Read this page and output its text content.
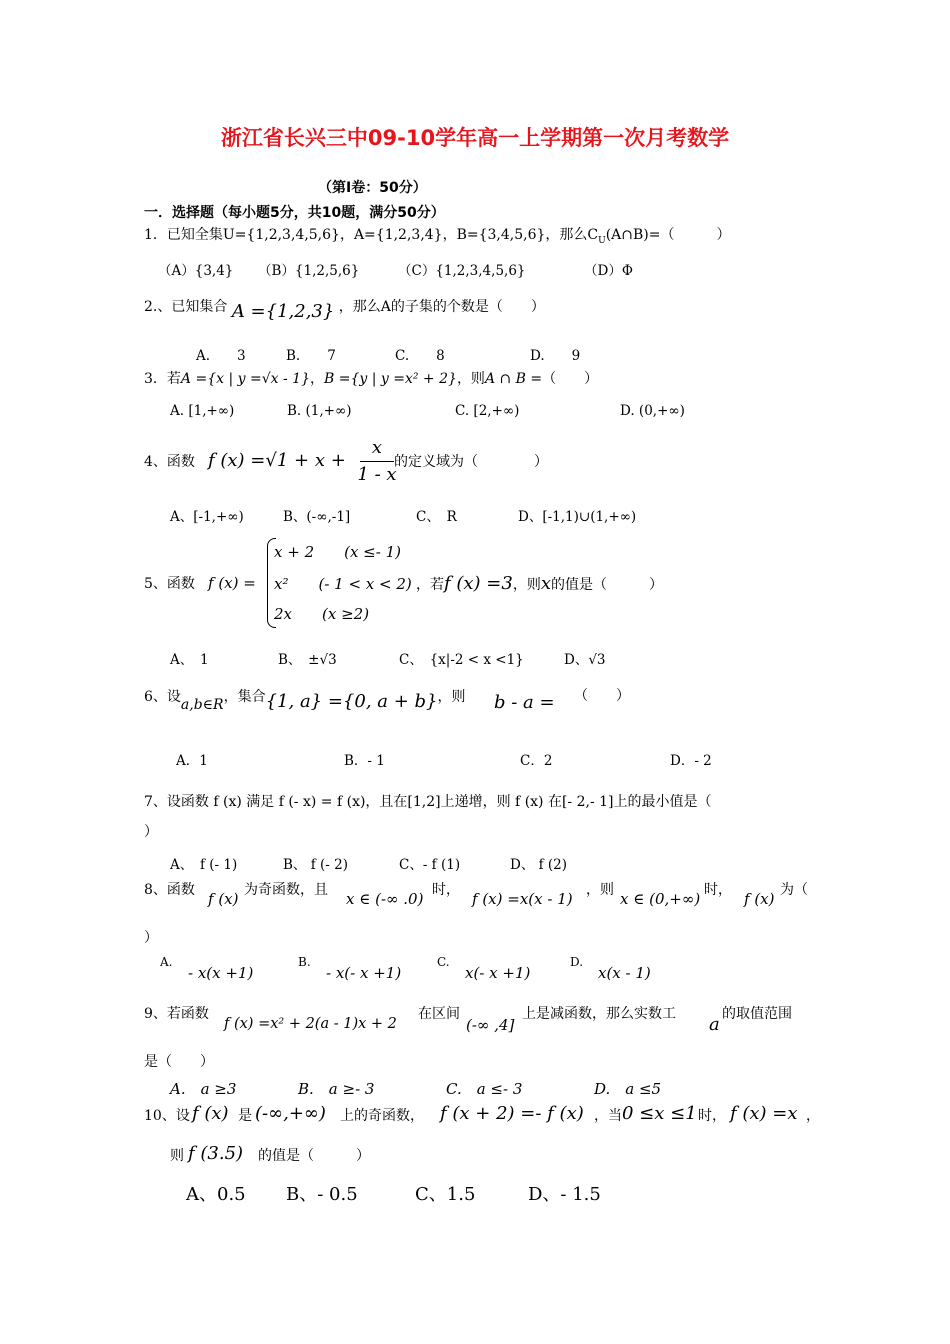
浙江省长兴三中09-10学年高一上学期第一次月考数学
（第Ⅰ卷：50分）
一．选择题（每小题5分，共10题，满分50分）
1．已知全集U={1,2,3,4,5,6}，A={1,2,3,4}，B={3,4,5,6}，那么$C_U(A\cap B)=$（　　　）
（A）{3,4} （B）{1,2,5,6}	（C）{1,2,3,4,5,6}	（D）Φ
2.、已知集合 A ={1,2,3} ，那么A的子集的个数是（　　）
A.　　3	B.　　7	C.　　8	D.　　9
3．若A ={x | y =√x - 1}，B ={y | y =x² + 2}，则A ∩ B =（　　）
A. [1,+∞)	B. (1,+∞)	C. [2,+∞)	D. (0,+∞)
4、函数 f (x) =√1 + x +
x
1 - x
的定义域为（　　　　）
A、[-1,+∞)	B、(-∞,-1]	C、　R	D、[-1,1)∪(1,+∞)
5、函数 f (x) =
x + 2　　(x ≤- 1)
x²　　(- 1 < x < 2)
2x　　(x ≥2)
，若f (x) =3，则x的值是（　　　）
A、　1	B、　±√3	C、　{x|-2 < x <1}	D、√3
6、设a,b∈R，集合{1, a} ={0, a + b}，则 b - a = （　　）
A．1	B．- 1	C．2	D．- 2
7、设函数 f (x) 满足 f (- x) = f (x)，且在[1,2]上递增，则 f (x) 在[- 2,- 1]上的最小值是（
）
A、　f (- 1)	B、 f (- 2)	C、- f (1)	D、 f (2)
8、函数 f (x) 为奇函数，且 x ∈ (-∞ .0) 时， f (x) =x(x - 1) ，则 x ∈ (0,+∞) 时， f (x) 为（
）
A.
- x(x +1)
B.
- x(- x +1)
C.
x(- x +1)
D.
x(x - 1)
9、若函数
f (x) =x² + 2(a - 1)x + 2
在区间
(-∞ ,4]
上是减函数，那么实数工 a 的取值范围
是（　　）
A.　a ≥3	B.　a ≥- 3	C.　a ≤- 3	D.　a ≤5
10、设 f (x) 是 (-∞,+∞) 上的奇函数， f (x + 2) =- f (x) ，当 0 ≤x ≤1 时， f (x) =x ，
则 f (3.5) 的值是（　　　）
A、0.5 B、- 0.5	C、1.5	D、- 1.5
